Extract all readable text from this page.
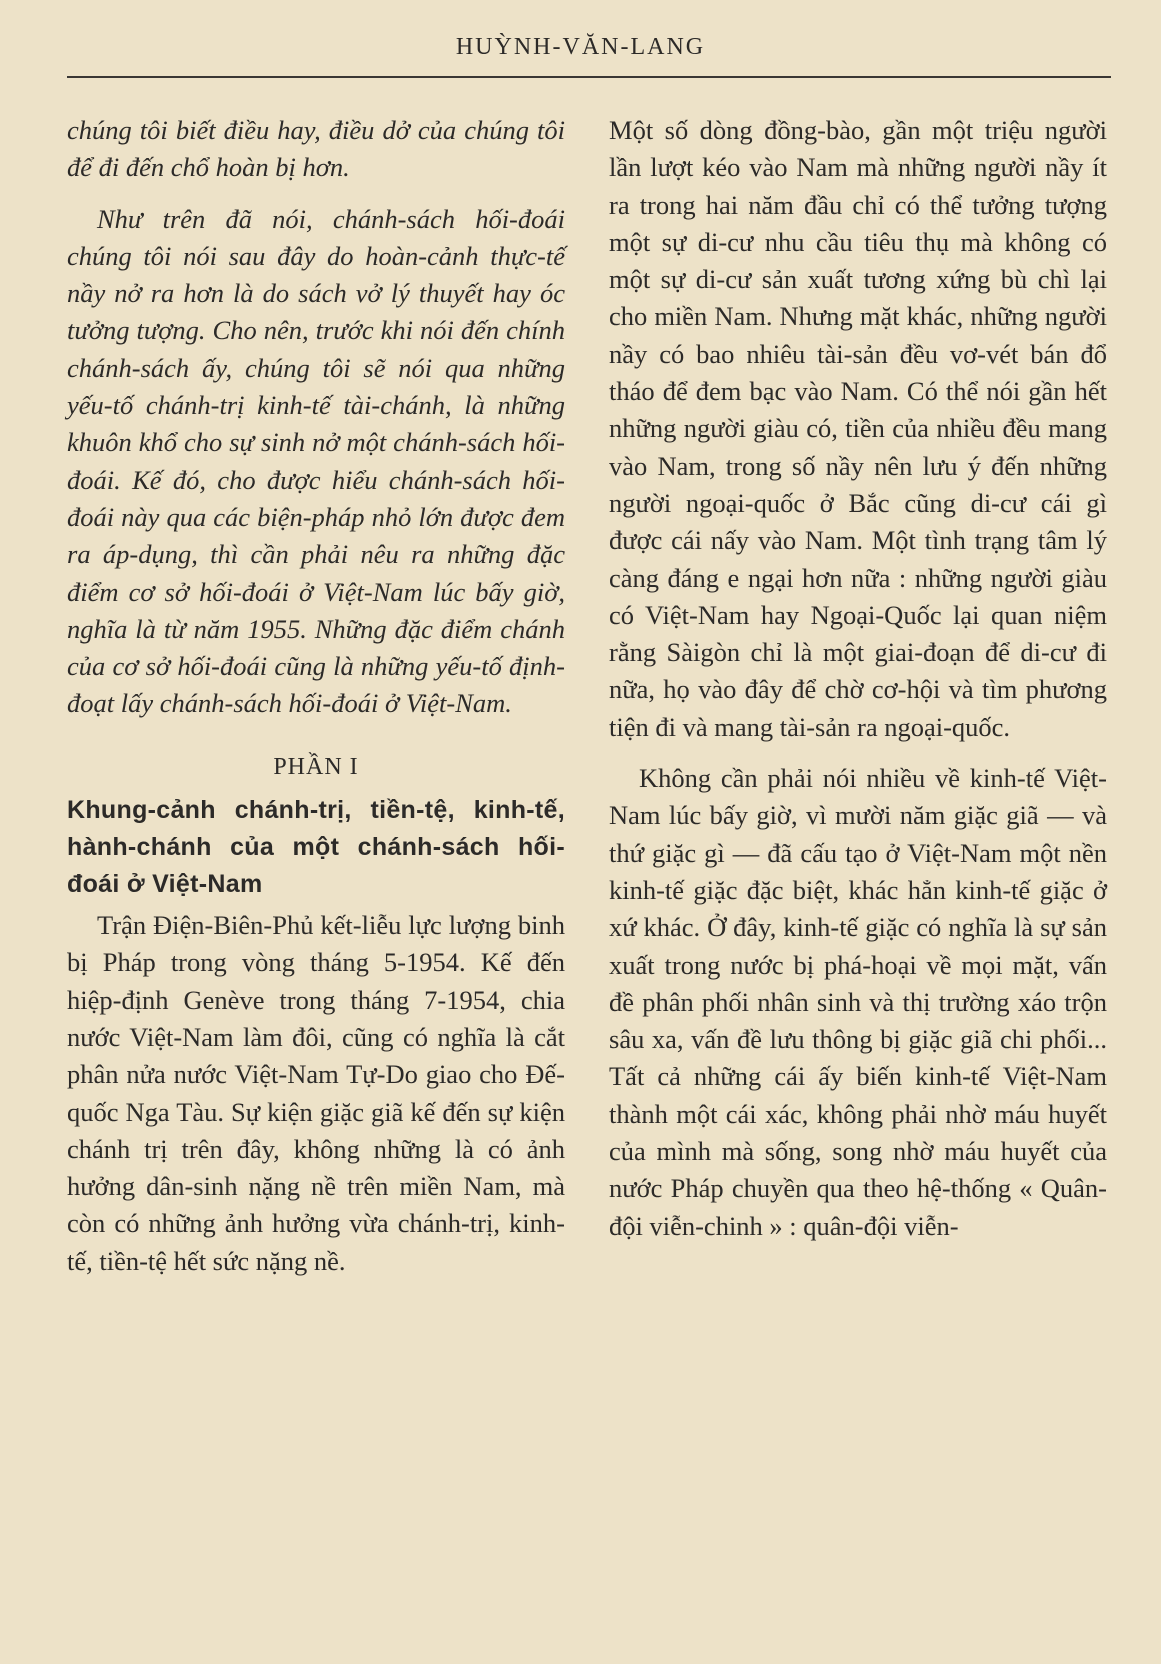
HUỲNH-VĂN-LANG

chúng tôi biết điều hay, điều dở của chúng tôi để đi đến chổ hoàn bị hơn.

Như trên đã nói, chánh-sách hối-đoái chúng tôi nói sau đây do hoàn-cảnh thực-tế nầy nở ra hơn là do sách vở lý thuyết hay óc tưởng tượng. Cho nên, trước khi nói đến chính chánh-sách ấy, chúng tôi sẽ nói qua những yếu-tố chánh-trị kinh-tế tài-chánh, là những khuôn khổ cho sự sinh nở một chánh-sách hối-đoái. Kế đó, cho được hiểu chánh-sách hối-đoái này qua các biện-pháp nhỏ lớn được đem ra áp-dụng, thì cần phải nêu ra những đặc điểm cơ sở hối-đoái ở Việt-Nam lúc bấy giờ, nghĩa là từ năm 1955. Những đặc điểm chánh của cơ sở hối-đoái cũng là những yếu-tố định-đoạt lấy chánh-sách hối-đoái ở Việt-Nam.

PHẦN I

Khung-cảnh chánh-trị, tiền-tệ, kinh-tế, hành-chánh của một chánh-sách hối-đoái ở Việt-Nam

Trận Điện-Biên-Phủ kết-liễu lực lượng binh bị Pháp trong vòng tháng 5-1954. Kế đến hiệp-định Genève trong tháng 7-1954, chia nước Việt-Nam làm đôi, cũng có nghĩa là cắt phân nửa nước Việt-Nam Tự-Do giao cho Đế-quốc Nga Tàu. Sự kiện giặc giã kế đến sự kiện chánh trị trên đây, không những là có ảnh hưởng dân-sinh nặng nề trên miền Nam, mà còn có những ảnh hưởng vừa chánh-trị, kinh-tế, tiền-tệ hết sức nặng nề.

Một số dòng đồng-bào, gần một triệu người lần lượt kéo vào Nam mà những người nầy ít ra trong hai năm đầu chỉ có thể tưởng tượng một sự di-cư nhu cầu tiêu thụ mà không có một sự di-cư sản xuất tương xứng bù chì lại cho miền Nam. Nhưng mặt khác, những người nầy có bao nhiêu tài-sản đều vơ-vét bán đổ tháo để đem bạc vào Nam. Có thể nói gần hết những người giàu có, tiền của nhiều đều mang vào Nam, trong số nầy nên lưu ý đến những người ngoại-quốc ở Bắc cũng di-cư cái gì được cái nấy vào Nam. Một tình trạng tâm lý càng đáng e ngại hơn nữa : những người giàu có Việt-Nam hay Ngoại-Quốc lại quan niệm rằng Sàigòn chỉ là một giai-đoạn để di-cư đi nữa, họ vào đây để chờ cơ-hội và tìm phương tiện đi và mang tài-sản ra ngoại-quốc.

Không cần phải nói nhiều về kinh-tế Việt-Nam lúc bấy giờ, vì mười năm giặc giã — và thứ giặc gì — đã cấu tạo ở Việt-Nam một nền kinh-tế giặc đặc biệt, khác hẳn kinh-tế giặc ở xứ khác. Ở đây, kinh-tế giặc có nghĩa là sự sản xuất trong nước bị phá-hoại về mọi mặt, vấn đề phân phối nhân sinh và thị trường xáo trộn sâu xa, vấn đề lưu thông bị giặc giã chi phối... Tất cả những cái ấy biến kinh-tế Việt-Nam thành một cái xác, không phải nhờ máu huyết của mình mà sống, song nhờ máu huyết của nước Pháp chuyền qua theo hệ-thống « Quân-đội viễn-chinh » : quân-đội viễn-
